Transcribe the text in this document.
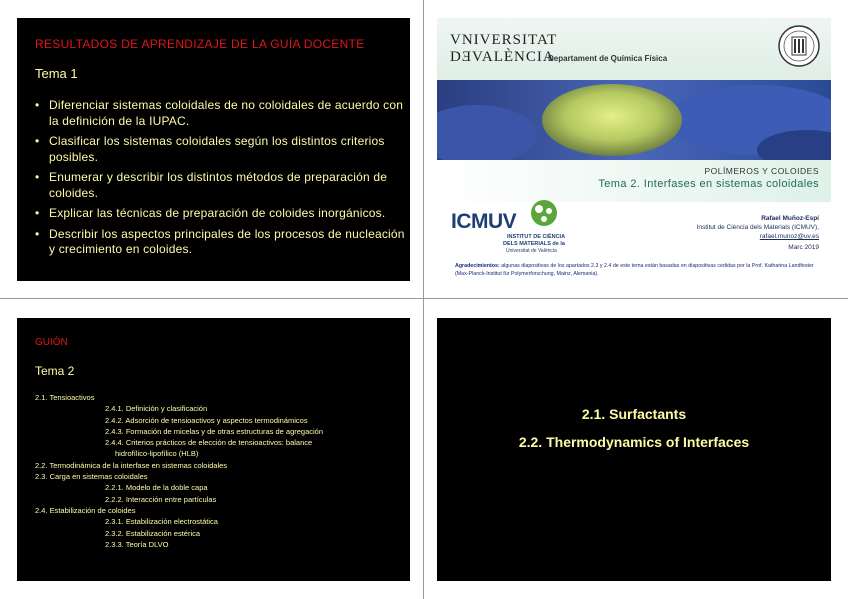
RESULTADOS DE APRENDIZAJE DE LA GUÍA DOCENTE
Tema 1
• Diferenciar sistemas coloidales de no coloidales de acuerdo con la definición de la IUPAC.
• Clasificar los sistemas coloidales según los distintos criterios posibles.
• Enumerar y describir los distintos métodos de preparación de coloides.
• Explicar las técnicas de preparación de coloides inorgánicos.
• Describir los aspectos principales de los procesos de nucleación y crecimiento en coloides.
VNIVERSITAT
DƎVALÈNCIA
Departament de Química Física
POLÍMEROS Y COLOIDES
Tema 2. Interfases en sistemas coloidales
ICMUV
INSTITUT DE CIÈNCIA
DELS MATERIALS de la
Universitat de València
Rafael Muñoz-Espí
Institut de Ciència dels Materials (ICMUV),
rafael.munoz@uv.es
Marc 2019
Agradecimientos: algunas diapositivas de los apartados 2.3 y 2.4 de este tema están basadas en diapositivas cedidas por la Prof. Katharina Landfester (Max-Planck-Institut für Polymerforschung, Mainz, Alemania).
GUIÓN
Tema 2
2.1. Tensioactivos
2.4.1. Definición y clasificación
2.4.2. Adsorción de tensioactivos y aspectos termodinámicos
2.4.3. Formación de micelas y de otras estructuras de agregación
2.4.4. Criterios prácticos de elección de tensioactivos: balance
hidrofílico-lipofílico (HLB)
2.2. Termodinámica de la interfase en sistemas coloidales
2.3. Carga en sistemas coloidales
2.2.1. Modelo de la doble capa
2.2.2. Interacción entre partículas
2.4. Estabilización de coloides
2.3.1. Estabilización electrostática
2.3.2. Estabilización estérica
2.3.3. Teoría DLVO
2.1. Surfactants
2.2. Thermodynamics of Interfaces
